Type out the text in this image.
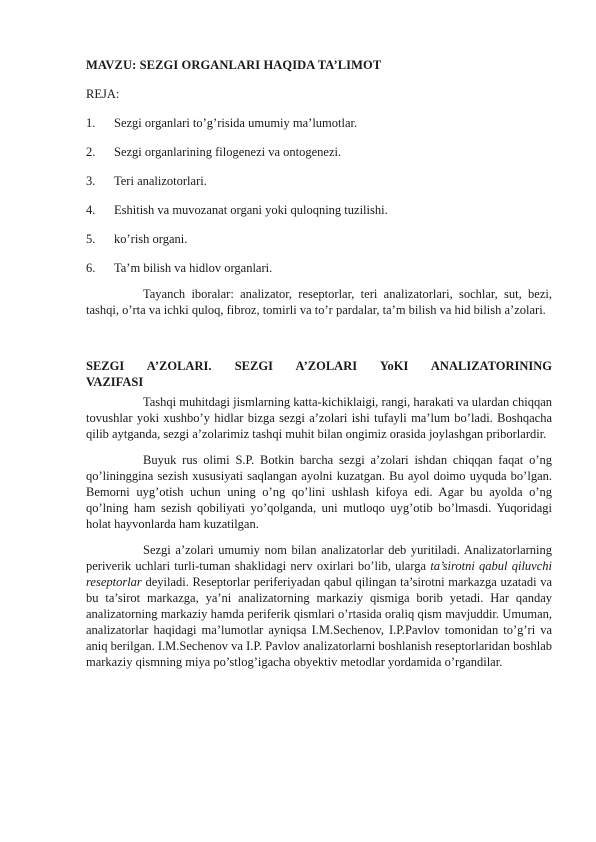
MAVZU: SEZGI ORGANLARI HAQIDA TA’LIMOT
REJA:
1.	Sezgi organlari to’g’risida umumiy ma’lumotlar.
2.	Sezgi organlarining filogenezi va ontogenezi.
3.	Teri analizotorlari.
4.	Eshitish va muvozanat organi yoki quloqning tuzilishi.
5.	ko’rish organi.
6.	Ta’m bilish va hidlov organlari.

Tayanch iboralar: analizator, reseptorlar, teri analizatorlari, sochlar, sut, bezi, tashqi, o’rta va ichki quloq, fibroz, tomirli va to’r pardalar, ta’m bilish va hid bilish a’zolari.

SEZGI A’ZOLARI. SEZGI A’ZOLARI YoKI ANALIZATORINING VAZIFASI

Tashqi muhitdagi jismlarning katta-kichiklaigi, rangi, harakati va ulardan chiqqan tovushlar yoki xushbo’y hidlar bizga sezgi a’zolari ishi tufayli ma’lum bo’ladi. Boshqacha qilib aytganda, sezgi a’zolarimiz tashqi muhit bilan ongimiz orasida joylashgan priborlardir.

Buyuk rus olimi S.P. Botkin barcha sezgi a’zolari ishdan chiqqan faqat o’ng qo’lininggina sezish xususiyati saqlangan ayolni kuzatgan. Bu ayol doimo uyquda bo’lgan. Bemorni uyg’otish uchun uning o’ng qo’lini ushlash kifoya edi. Agar bu ayolda o’ng qo’lning ham sezish qobiliyati yo’qolganda, uni mutloqo uyg’otib bo’lmasdi. Yuqoridagi holat hayvonlarda ham kuzatilgan.

Sezgi a’zolari umumiy nom bilan analizatorlar deb yuritiladi. Analizatorlarning periverik uchlari turli-tuman shaklidagi nerv oxirlari bo’lib, ularga ta’sirotni qabul qiluvchi reseptorlar deyiladi. Reseptorlar periferiyadan qabul qilingan ta’sirotni markazga uzatadi va bu ta’sirot markazga, ya’ni analizatorning markaziy qismiga borib yetadi. Har qanday analizatorning markaziy hamda periferik qismlari o’rtasida oraliq qism mavjuddir. Umuman, analizatorlar haqidagi ma’lumotlar ayniqsa I.M.Sechenov, I.P.Pavlov tomonidan to’g’ri va aniq berilgan. I.M.Sechenov va I.P. Pavlov analizatorlarni boshlanish reseptorlaridan boshlab markaziy qismning miya po’stlog’igacha obyektiv metodlar yordamida o’rgandilar.
